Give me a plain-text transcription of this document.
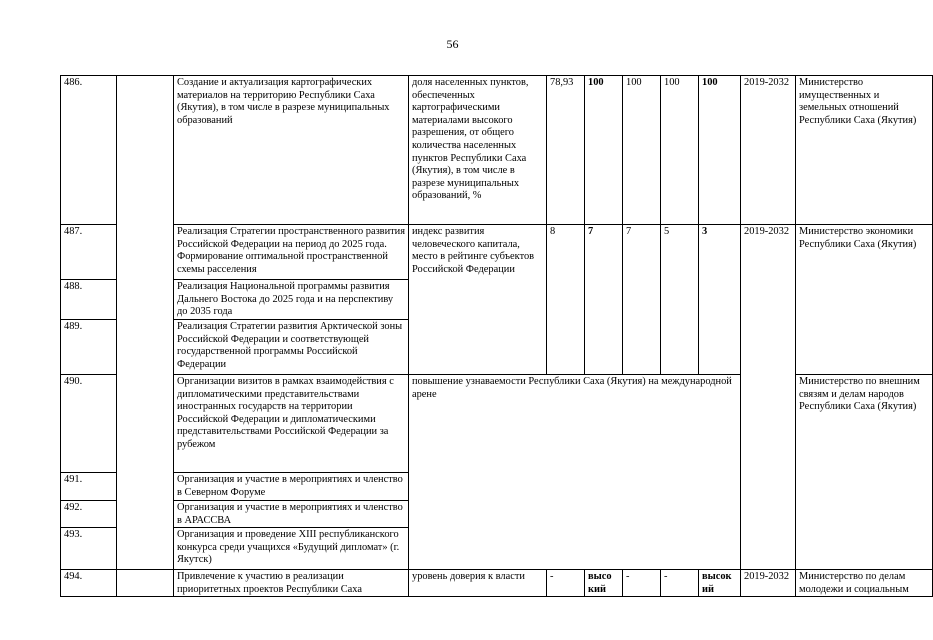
56
486.		Создание и актуализация картографических материалов на территорию Республики Саха (Якутия), в том числе в разрезе муниципальных образований	доля населенных пунктов, обеспеченных картографическими материалами высокого разрешения, от общего количества населенных пунктов Республики Саха (Якутия), в том числе в разрезе муниципальных образований, %	78,93	100	100	100	100	2019-2032	Министерство имущественных и земельных отношений Республики Саха (Якутия)
487.		Реализация Стратегии пространственного развития Российской Федерации на период до 2025 года. Формирование оптимальной пространственной схемы расселения	индекс развития человеческого капитала, место в рейтинге субъектов Российской Федерации	8	7	7	5	3	2019-2032	Министерство экономики Республики Саха (Якутия)
488.		Реализация Национальной программы развития Дальнего Востока до 2025 года и на перспективу до 2035 года								
489.		Реализация Стратегии развития Арктической зоны Российской Федерации и соответствующей государственной программы Российской Федерации								
490.		Организации визитов в рамках взаимодействия с дипломатическими представительствами иностранных государств на территории Российской Федерации и дипломатическими представительствами Российской Федерации за рубежом	повышение узнаваемости Республики Саха (Якутия) на международной арене							Министерство по внешним связям и делам народов Республики Саха (Якутия)
491.		Организация и участие в мероприятиях и членство в Северном Форуме								
492.		Организация и участие в мероприятиях и членство в АРАССВА								
493.		Организация и проведение XIII республиканского конкурса среди учащихся «Будущий дипломат» (г. Якутск)								
494.		Привлечение к участию в реализации приоритетных проектов Республики Саха	уровень доверия к власти	-	высо кий	-	-	высок ий	2019-2032	Министерство по делам молодежи и социальным
